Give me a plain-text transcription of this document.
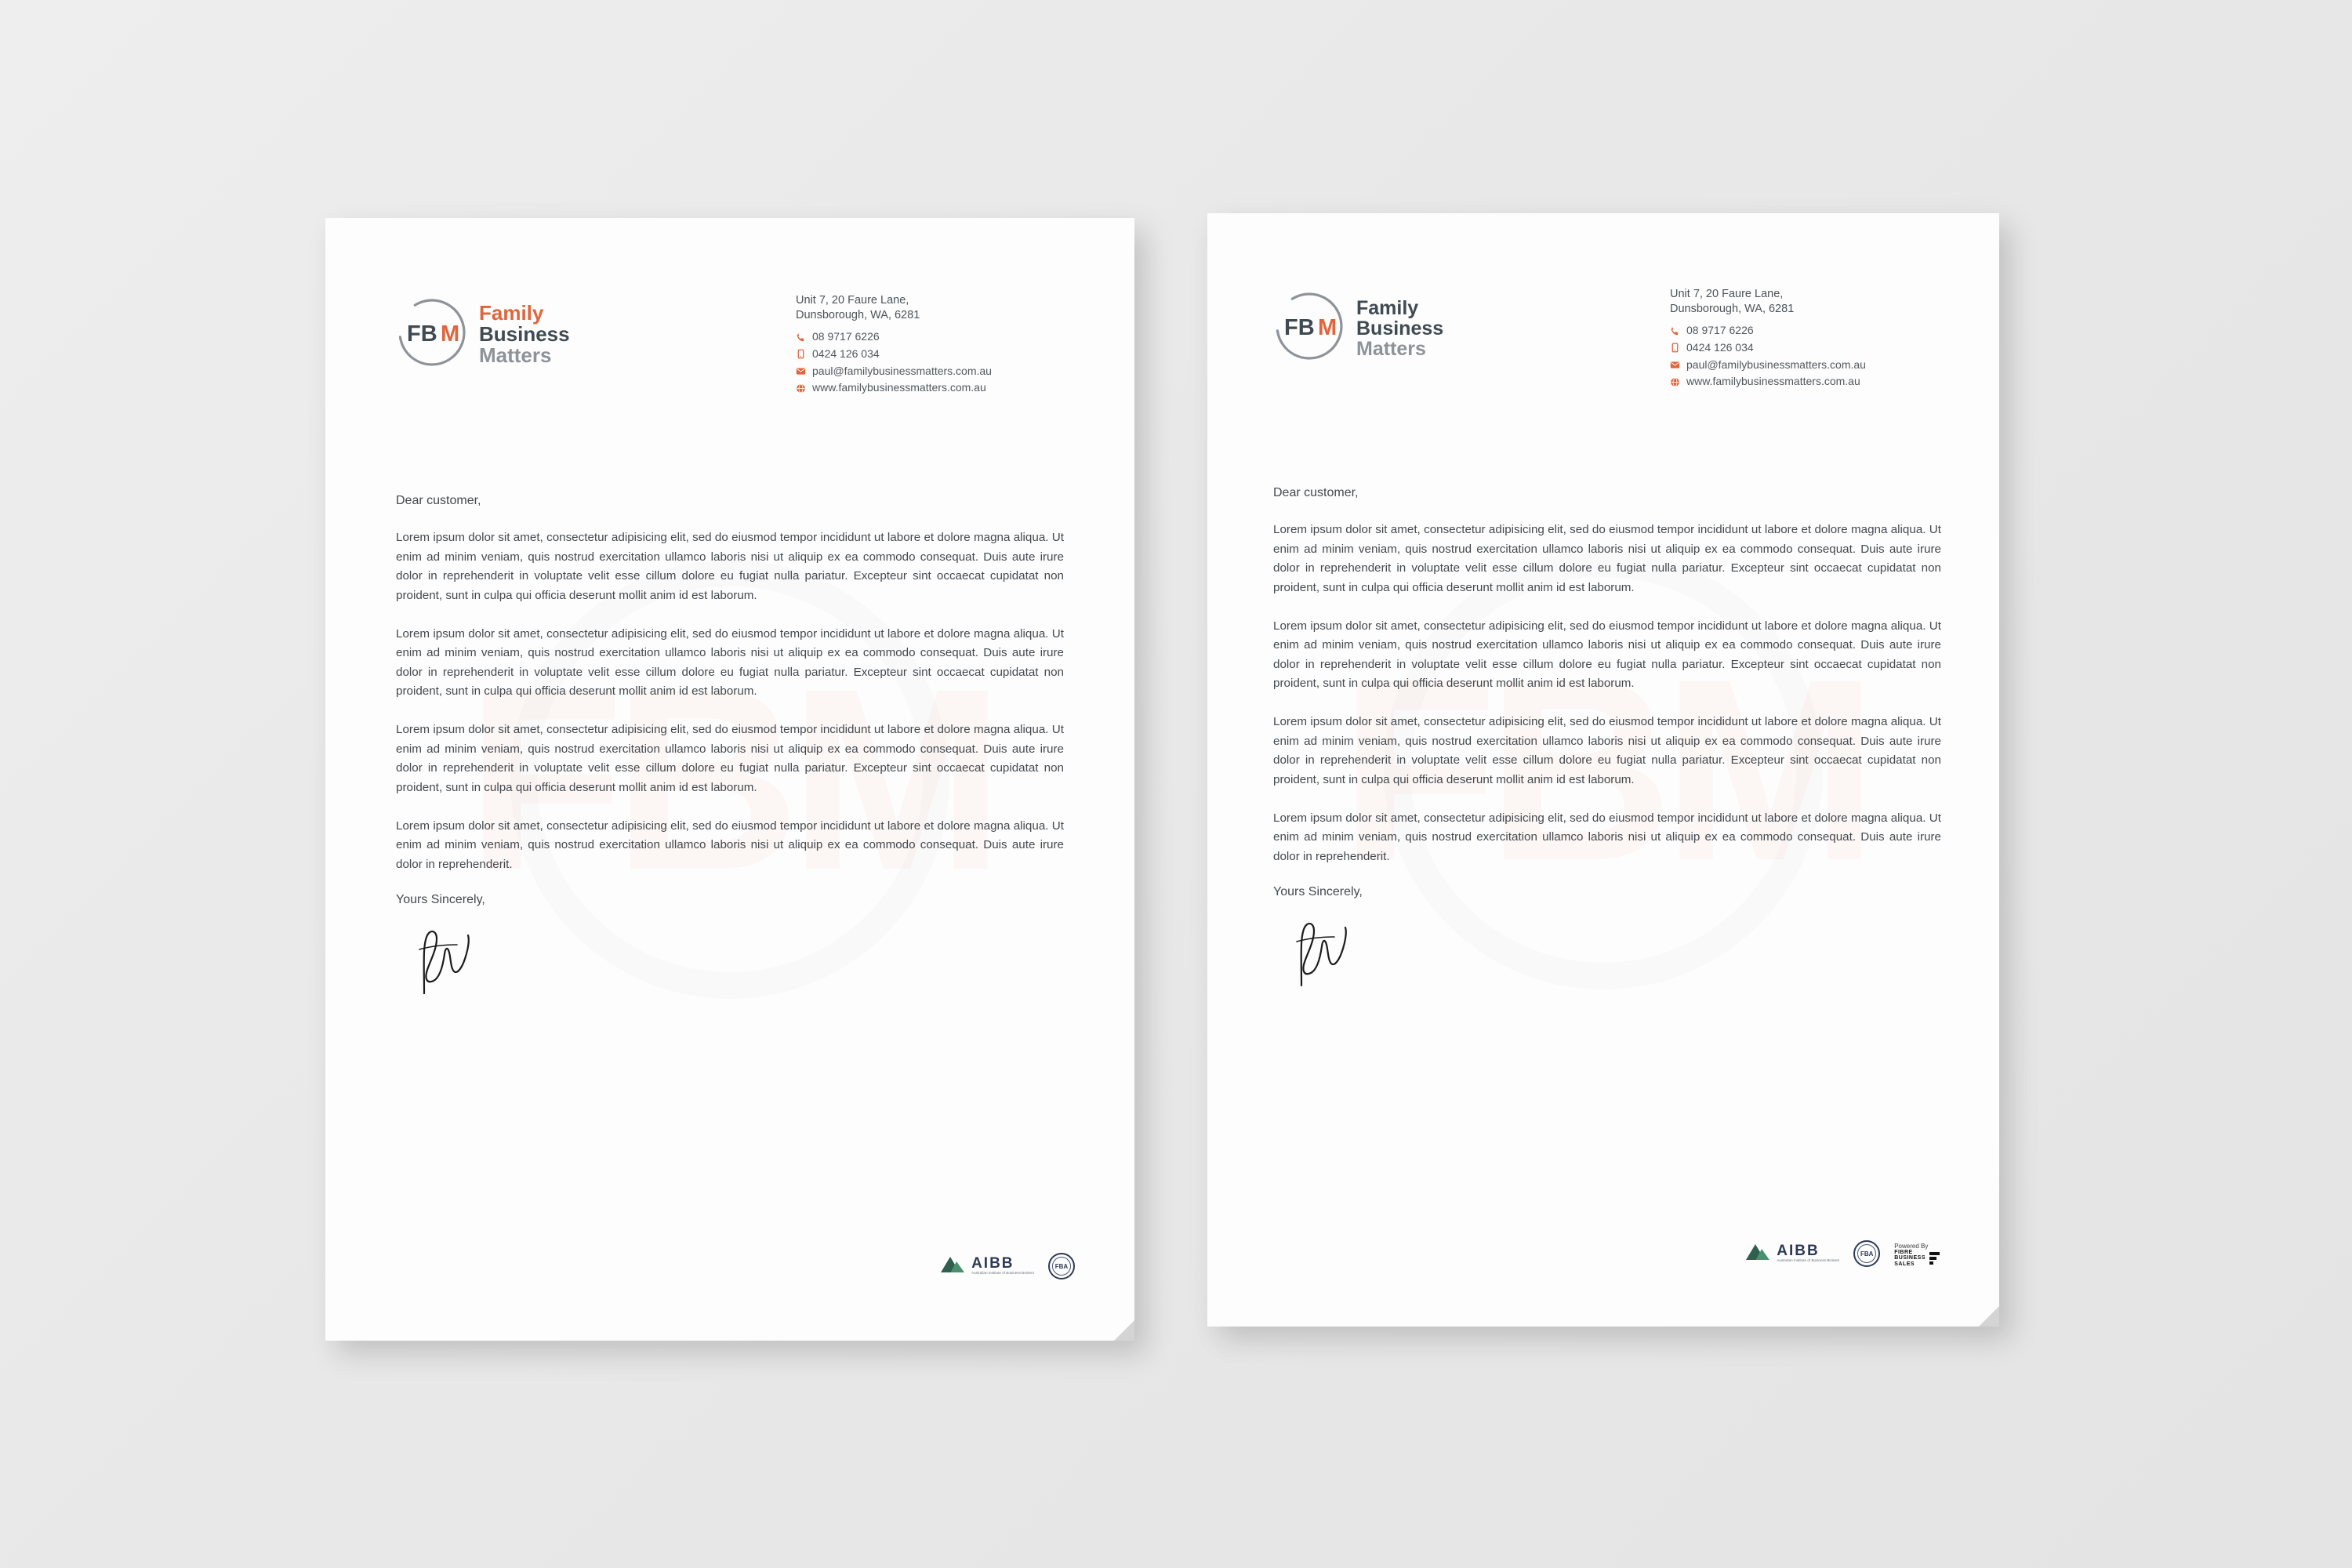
FB M
Family
Business
Matters
Unit 7, 20 Faure Lane,
Dunsborough, WA, 6281
08 9717 6226
0424 126 034
paul@familybusinessmatters.com.au
www.familybusinessmatters.com.au
Dear customer,
Lorem ipsum dolor sit amet, consectetur adipisicing elit, sed do eiusmod tempor incididunt ut labore et dolore magna aliqua. Ut enim ad minim veniam, quis nostrud exercitation ullamco laboris nisi ut aliquip ex ea commodo consequat. Duis aute irure dolor in reprehenderit in voluptate velit esse cillum dolore eu fugiat nulla pariatur. Excepteur sint occaecat cupidatat non proident, sunt in culpa qui officia deserunt mollit anim id est laborum.
Lorem ipsum dolor sit amet, consectetur adipisicing elit, sed do eiusmod tempor incididunt ut labore et dolore magna aliqua. Ut enim ad minim veniam, quis nostrud exercitation ullamco laboris nisi ut aliquip ex ea commodo consequat. Duis aute irure dolor in reprehenderit in voluptate velit esse cillum dolore eu fugiat nulla pariatur. Excepteur sint occaecat cupidatat non proident, sunt in culpa qui officia deserunt mollit anim id est laborum.
Lorem ipsum dolor sit amet, consectetur adipisicing elit, sed do eiusmod tempor incididunt ut labore et dolore magna aliqua. Ut enim ad minim veniam, quis nostrud exercitation ullamco laboris nisi ut aliquip ex ea commodo consequat. Duis aute irure dolor in reprehenderit in voluptate velit esse cillum dolore eu fugiat nulla pariatur. Excepteur sint occaecat cupidatat non proident, sunt in culpa qui officia deserunt mollit anim id est laborum.
Lorem ipsum dolor sit amet, consectetur adipisicing elit, sed do eiusmod tempor incididunt ut labore et dolore magna aliqua. Ut enim ad minim veniam, quis nostrud exercitation ullamco laboris nisi ut aliquip ex ea commodo consequat. Duis aute irure dolor in reprehenderit.
Yours Sincerely,
AIBB
Australian Institute of Business Brokers
FBA
FB M
Family
Business
Matters
Unit 7, 20 Faure Lane,
Dunsborough, WA, 6281
08 9717 6226
0424 126 034
paul@familybusinessmatters.com.au
www.familybusinessmatters.com.au
Dear customer,
Lorem ipsum dolor sit amet, consectetur adipisicing elit, sed do eiusmod tempor incididunt ut labore et dolore magna aliqua. Ut enim ad minim veniam, quis nostrud exercitation ullamco laboris nisi ut aliquip ex ea commodo consequat. Duis aute irure dolor in reprehenderit in voluptate velit esse cillum dolore eu fugiat nulla pariatur. Excepteur sint occaecat cupidatat non proident, sunt in culpa qui officia deserunt mollit anim id est laborum.
Lorem ipsum dolor sit amet, consectetur adipisicing elit, sed do eiusmod tempor incididunt ut labore et dolore magna aliqua. Ut enim ad minim veniam, quis nostrud exercitation ullamco laboris nisi ut aliquip ex ea commodo consequat. Duis aute irure dolor in reprehenderit in voluptate velit esse cillum dolore eu fugiat nulla pariatur. Excepteur sint occaecat cupidatat non proident, sunt in culpa qui officia deserunt mollit anim id est laborum.
Lorem ipsum dolor sit amet, consectetur adipisicing elit, sed do eiusmod tempor incididunt ut labore et dolore magna aliqua. Ut enim ad minim veniam, quis nostrud exercitation ullamco laboris nisi ut aliquip ex ea commodo consequat. Duis aute irure dolor in reprehenderit in voluptate velit esse cillum dolore eu fugiat nulla pariatur. Excepteur sint occaecat cupidatat non proident, sunt in culpa qui officia deserunt mollit anim id est laborum.
Lorem ipsum dolor sit amet, consectetur adipisicing elit, sed do eiusmod tempor incididunt ut labore et dolore magna aliqua. Ut enim ad minim veniam, quis nostrud exercitation ullamco laboris nisi ut aliquip ex ea commodo consequat. Duis aute irure dolor in reprehenderit.
Yours Sincerely,
AIBB
Australian Institute of Business Brokers
FBA
Powered By
FIBRE
BUSINESS
SALES
